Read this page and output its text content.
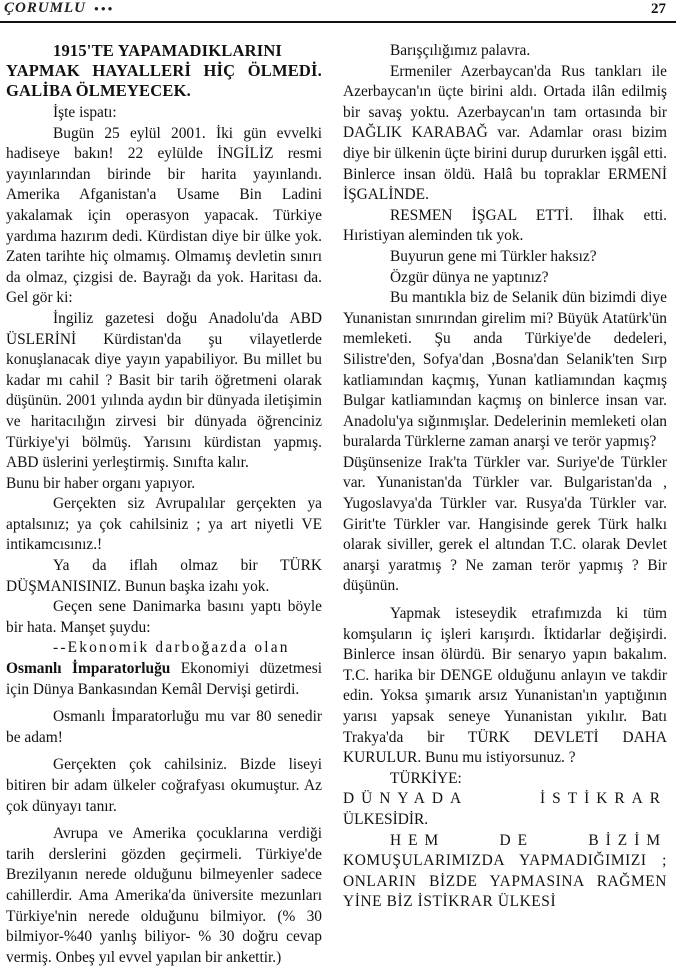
ÇORUMLU ●●●	27

1915'TE YAPAMADIKLARINI
YAPMAK HAYALLERİ HİÇ ÖLMEDİ. GALİBA ÖLMEYECEK.

İşte ispatı:

Bugün 25 eylül 2001. İki gün evvelki hadiseye bakın! 22 eylülde İNGİLİZ resmi yayınlarından birinde bir harita yayınlandı. Amerika Afganistan'a Usame Bin Ladini yakalamak için operasyon yapacak. Türkiye yardıma hazırım dedi. Kürdistan diye bir ülke yok. Zaten tarihte hiç olmamış. Olmamış devletin sınırı da olmaz, çizgisi de. Bayrağı da yok. Haritası da. Gel gör ki:

İngiliz gazetesi doğu Anadolu'da ABD ÜSLERİNİ Kürdistan'da şu vilayetlerde konuşlanacak diye yayın yapabiliyor. Bu millet bu kadar mı cahil ? Basit bir tarih öğretmeni olarak düşünün. 2001 yılında aydın bir dünyada iletişimin ve haritacılığın zirvesi bir dünyada öğrenciniz Türkiye'yi bölmüş. Yarısını kürdistan yapmış. ABD üslerini yerleştirmiş. Sınıfta kalır.

Bunu bir haber organı yapıyor.

Gerçekten siz Avrupalılar gerçekten ya aptalsınız; ya çok cahilsiniz ; ya art niyetli VE intikamcısınız.!

Ya da iflah olmaz bir TÜRK DÜŞMANISINIZ. Bunun başka izahı yok.

Geçen sene Danimarka basını yaptı böyle bir hata. Manşet şuydu:

--Ekonomik darboğazda olan
Osmanlı İmparatorluğu Ekonomiyi düzetmesi için Dünya Bankasından Kemâl Dervişi getirdi.

Osmanlı İmparatorluğu mu var 80 senedir be adam!

Gerçekten çok cahilsiniz. Bizde liseyi bitiren bir adam ülkeler coğrafyası okumuştur. Az çok dünyayı tanır.

Avrupa ve Amerika çocuklarına verdiği tarih derslerini gözden geçirmeli. Türkiye'de Brezilyanın nerede olduğunu bilmeyenler sadece cahillerdir. Ama Amerika'da üniversite mezunları Türkiye'nin nerede olduğunu bilmiyor. (% 30 bilmiyor-%40 yanlış biliyor- % 30 doğru cevap vermiş. Onbeş yıl evvel yapılan bir ankettir.)

Barışçılığımız palavra.

Ermeniler Azerbaycan'da Rus tankları ile Azerbaycan'ın üçte birini aldı. Ortada ilân edilmiş bir savaş yoktu. Azerbaycan'ın tam ortasında bir DAĞLIK KARABAĞ var. Adamlar orası bizim diye bir ülkenin üçte birini durup dururken işgâl etti. Binlerce insan öldü. Halâ bu topraklar ERMENİ İŞGALİNDE.

RESMEN İŞGAL ETTİ. İlhak etti. Hıristiyan aleminden tık yok.

Buyurun gene mi Türkler haksız?

Özgür dünya ne yaptınız?

Bu mantıkla biz de Selanik dün bizimdi diye Yunanistan sınırından girelim mi? Büyük Atatürk'ün memleketi. Şu anda Türkiye'de dedeleri, Silistre'den, Sofya'dan ,Bosna'dan Selanik'ten Sırp katliamından kaçmış, Yunan katliamından kaçmış Bulgar katliamından kaçmış on binlerce insan var. Anadolu'ya sığınmışlar. Dedelerinin memleketi olan buralarda Türklerne zaman anarşi ve terör yapmış?

Düşünsenize Irak'ta Türkler var. Suriye'de Türkler var. Yunanistan'da Türkler var. Bulgaristan'da , Yugoslavya'da Türkler var. Rusya'da Türkler var. Girit'te Türkler var. Hangisinde gerek Türk halkı olarak siviller, gerek el altından T.C. olarak Devlet anarşi yaratmış ? Ne zaman terör yapmış ? Bir düşünün.

Yapmak isteseydik etrafımızda ki tüm komşuların iç işleri karışırdı. İktidarlar değişirdi. Binlerce insan ölürdü. Bir senaryo yapın bakalım. T.C. harika bir DENGE olduğunu anlayın ve takdir edin. Yoksa şımarık arsız Yunanistan'ın yaptığının yarısı yapsak seneye Yunanistan yıkılır. Batı Trakya'da bir TÜRK DEVLETİ DAHA KURULUR. Bunu mu istiyorsunuz. ?

TÜRKİYE:

DÜNYADA İSTİKRAR
ÜLKESİDİR.

HEM DE BİZİM
KOMUŞULARIMIZDA YAPMADIĞIMIZI ; ONLARIN BİZDE YAPMASINA RAĞMEN YİNE BİZ İSTİKRAR ÜLKESİ
